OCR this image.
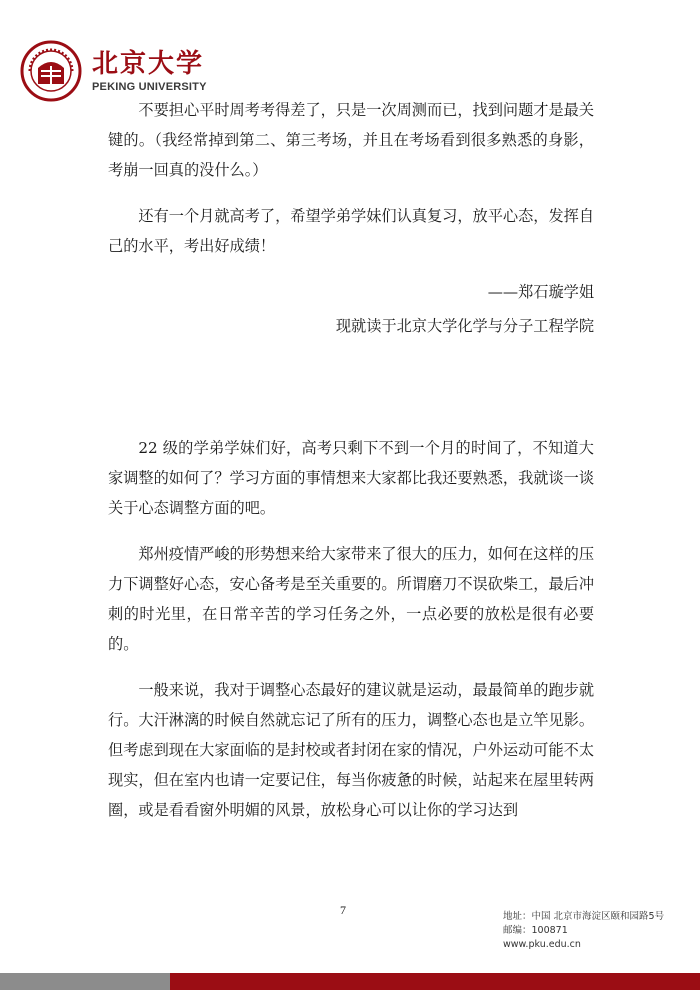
北京大学
PEKING UNIVERSITY

不要担心平时周考考得差了，只是一次周测而已，找到问题才是最关键的。（我经常掉到第二、第三考场，并且在考场看到很多熟悉的身影，考崩一回真的没什么。）

还有一个月就高考了，希望学弟学妹们认真复习，放平心态，发挥自己的水平，考出好成绩！

——郑石璇学姐

现就读于北京大学化学与分子工程学院

22 级的学弟学妹们好，高考只剩下不到一个月的时间了，不知道大家调整的如何了？学习方面的事情想来大家都比我还要熟悉，我就谈一谈关于心态调整方面的吧。

郑州疫情严峻的形势想来给大家带来了很大的压力，如何在这样的压力下调整好心态，安心备考是至关重要的。所谓磨刀不误砍柴工，最后冲刺的时光里，在日常辛苦的学习任务之外，一点必要的放松是很有必要的。

一般来说，我对于调整心态最好的建议就是运动，最最简单的跑步就行。大汗淋漓的时候自然就忘记了所有的压力，调整心态也是立竿见影。但考虑到现在大家面临的是封校或者封闭在家的情况，户外运动可能不太现实，但在室内也请一定要记住，每当你疲惫的时候，站起来在屋里转两圈，或是看看窗外明媚的风景，放松身心可以让你的学习达到

7	地址：中国 北京市海淀区颐和园路5号
邮编：100871
www.pku.edu.cn
